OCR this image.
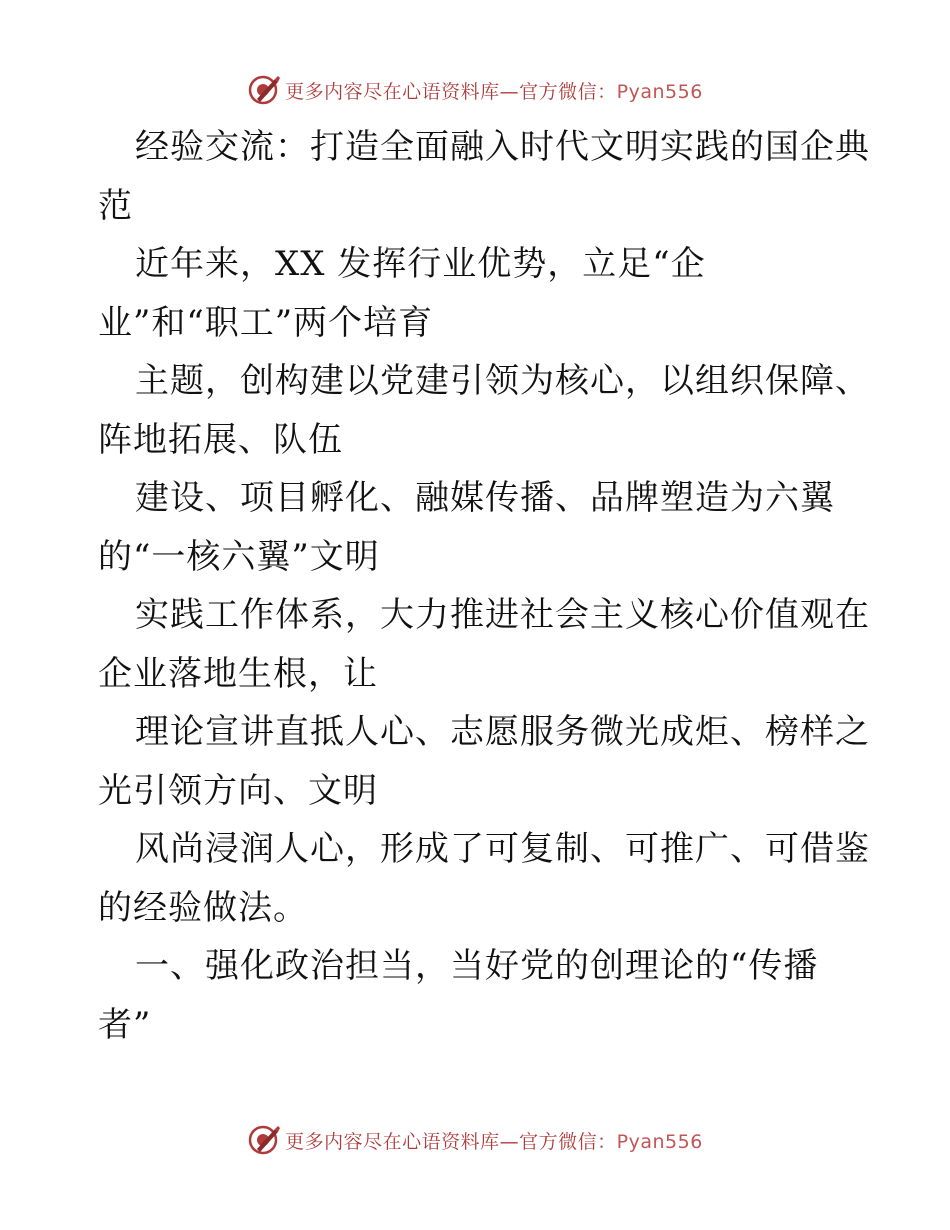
更多内容尽在心语资料库—官方微信：Pyan556
经验交流：打造全面融入时代文明实践的国企典
范
近年来，XX 发挥行业优势，立足“企
业”和“职工”两个培育
主题，创构建以党建引领为核心，以组织保障、
阵地拓展、队伍
建设、项目孵化、融媒传播、品牌塑造为六翼
的“一核六翼”文明
实践工作体系，大力推进社会主义核心价值观在
企业落地生根，让
理论宣讲直抵人心、志愿服务微光成炬、榜样之
光引领方向、文明
风尚浸润人心，形成了可复制、可推广、可借鉴
的经验做法。
一、强化政治担当，当好党的创理论的“传播
者”
更多内容尽在心语资料库—官方微信：Pyan556
